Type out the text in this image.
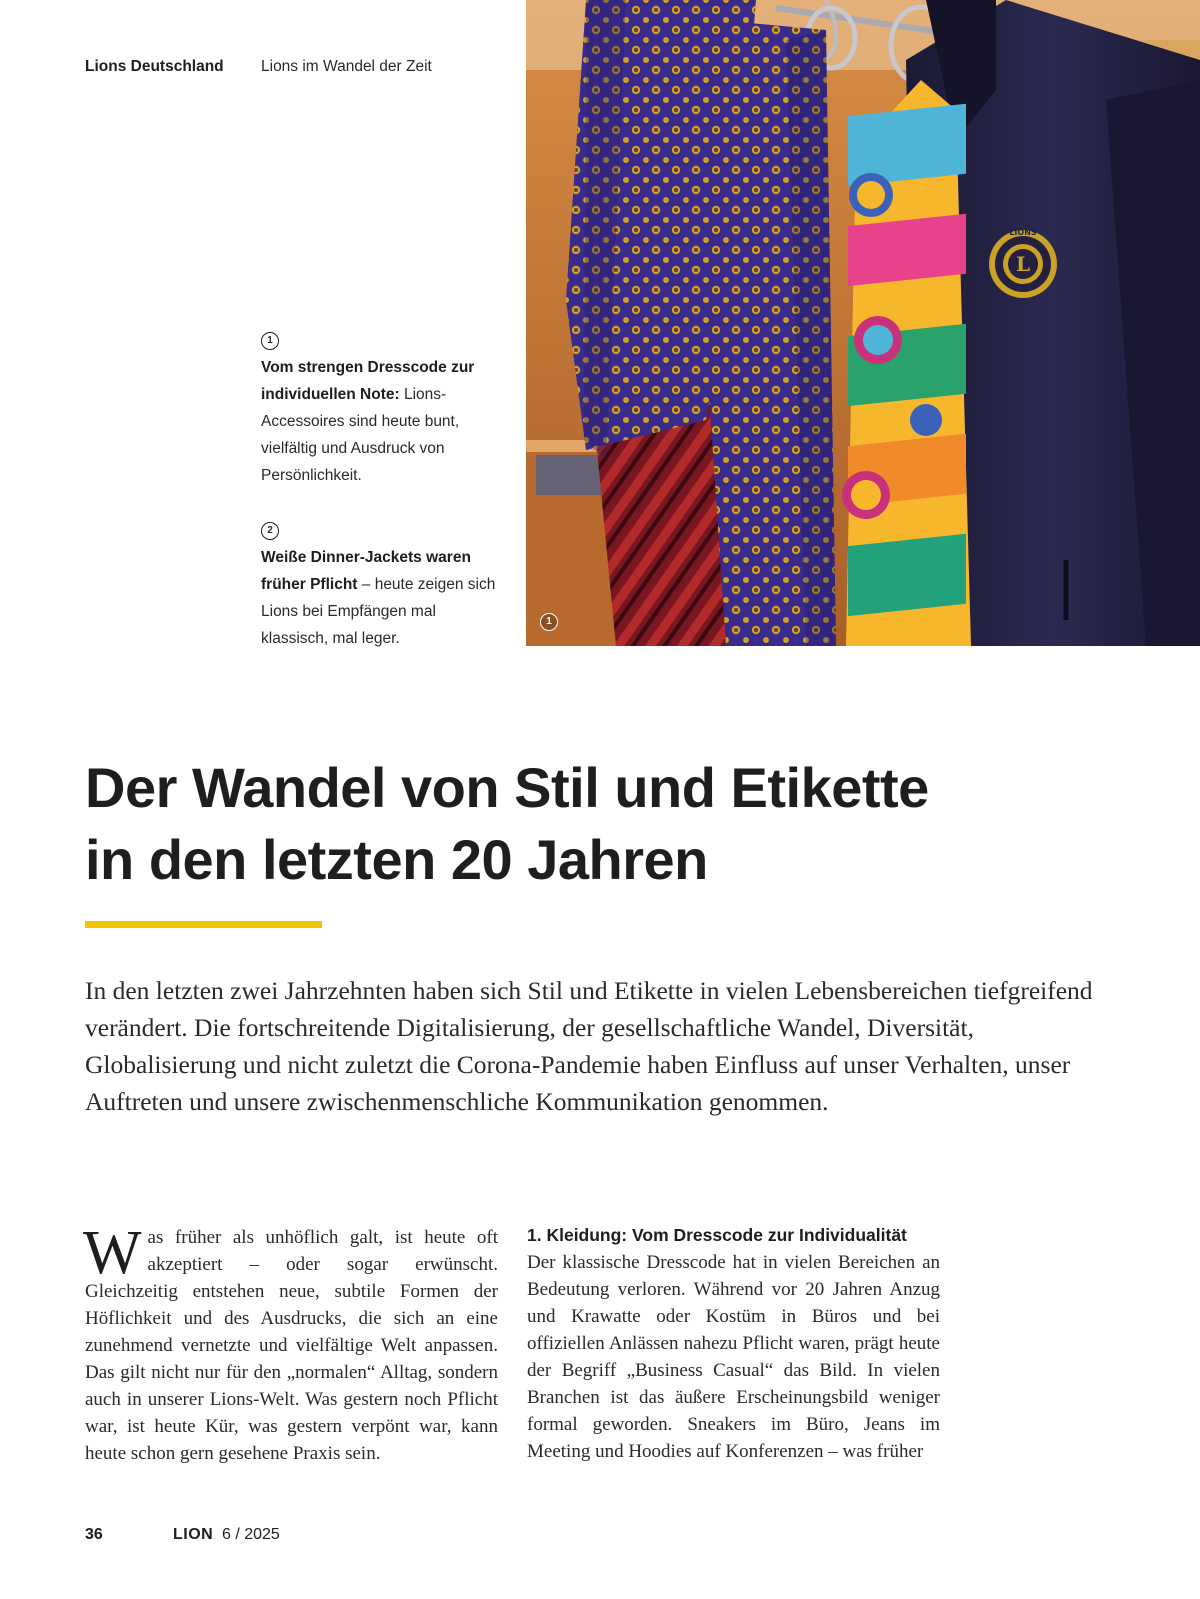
Lions Deutschland Lions im Wandel der Zeit
1
Vom strengen Dresscode zur individuellen Note: Lions-Accessoires sind heute bunt, vielfältig und Ausdruck von Persönlichkeit.
2
Weiße Dinner-Jackets waren früher Pflicht – heute zeigen sich Lions bei Empfängen mal klassisch, mal leger.
LIONS
L
1
Der Wandel von Stil und Etikette
in den letzten 20 Jahren

In den letzten zwei Jahrzehnten haben sich Stil und Etikette in vielen Lebensbereichen tiefgreifend verändert. Die fortschreitende Digitalisierung, der gesellschaftliche Wandel, Diversität, Globalisierung und nicht zuletzt die Corona-Pandemie haben Einfluss auf unser Verhalten, unser Auftreten und unsere zwischenmenschliche Kommunikation genommen.

Was früher als unhöflich galt, ist heute oft akzeptiert – oder sogar erwünscht. Gleichzeitig entstehen neue, subtile Formen der Höflichkeit und des Ausdrucks, die sich an eine zunehmend vernetzte und vielfältige Welt anpassen. Das gilt nicht nur für den „normalen“ Alltag, sondern auch in unserer Lions-Welt. Was gestern noch Pflicht war, ist heute Kür, was gestern verpönt war, kann heute schon gern gesehene Praxis sein.

1. Kleidung: Vom Dresscode zur Individualität
Der klassische Dresscode hat in vielen Bereichen an Bedeutung verloren. Während vor 20 Jahren Anzug und Krawatte oder Kostüm in Büros und bei offiziellen Anlässen nahezu Pflicht waren, prägt heute der Begriff „Business Casual“ das Bild. In vielen Branchen ist das äußere Erscheinungsbild weniger formal geworden. Sneakers im Büro, Jeans im Meeting und Hoodies auf Konferenzen – was früher

36	LION 6 / 2025
